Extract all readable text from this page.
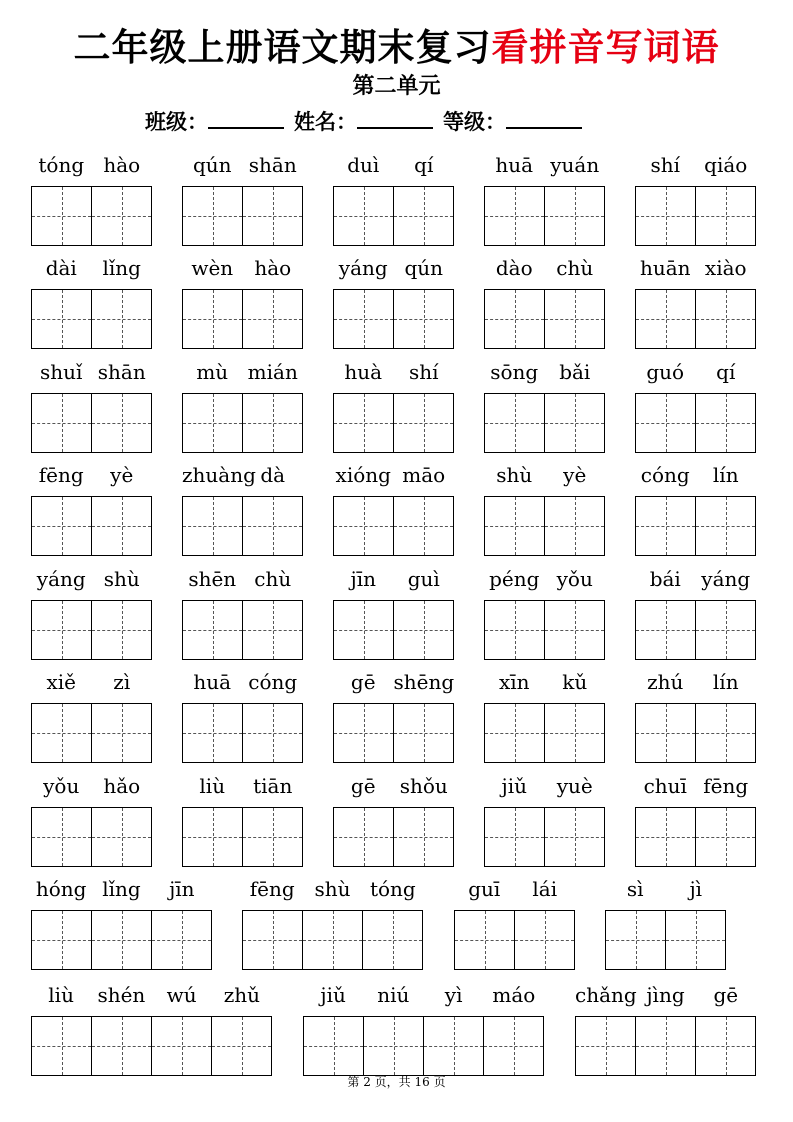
二年级上册语文期末复习看拼音写词语
第二单元
班级：	姓名：	等级：
tóng hào	qún shān	duì	qí	huā yuán	shí	qiáo
dài	lǐng	wèn	hào	yáng qún	dào	chù	huān xiào
shuǐ shān	mù mián	huà	shí	sōng	bǎi	guó	qí
fēng	yè	zhuàng dà	xióng māo	shù	yè	cóng	lín
yáng shù	shēn chù	jīn	guì	péng yǒu	bái	yáng
xiě	zì	huā cóng	gē shēng	xīn	kǔ	zhú	lín
yǒu	hǎo	liù	tiān	gē	shǒu	jiǔ	yuè	chuī fēng
hóng lǐng	jīn	fēng shù tóng	guī	lái	sì	jì
liù	shén	wú	zhǔ	jiǔ	niú	yì	máo	chǎng jìng	gē
第 2 页，共 16 页
